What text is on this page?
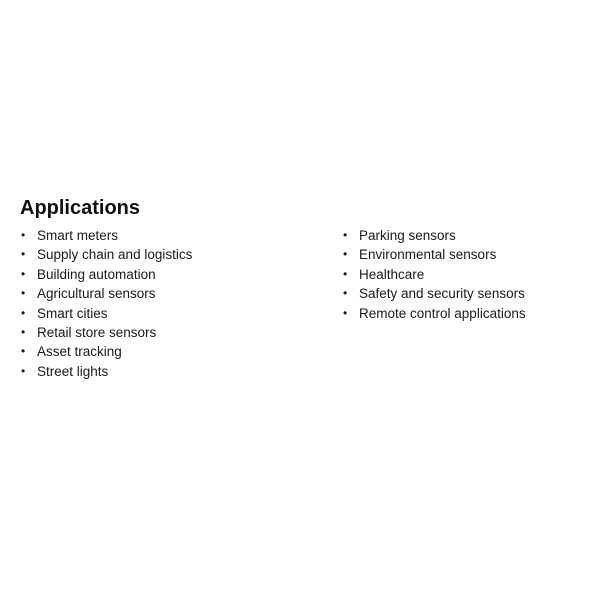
Applications
• Smart meters
• Supply chain and logistics
• Building automation
• Agricultural sensors
• Smart cities
• Retail store sensors
• Asset tracking
• Street lights
• Parking sensors
• Environmental sensors
• Healthcare
• Safety and security sensors
• Remote control applications
